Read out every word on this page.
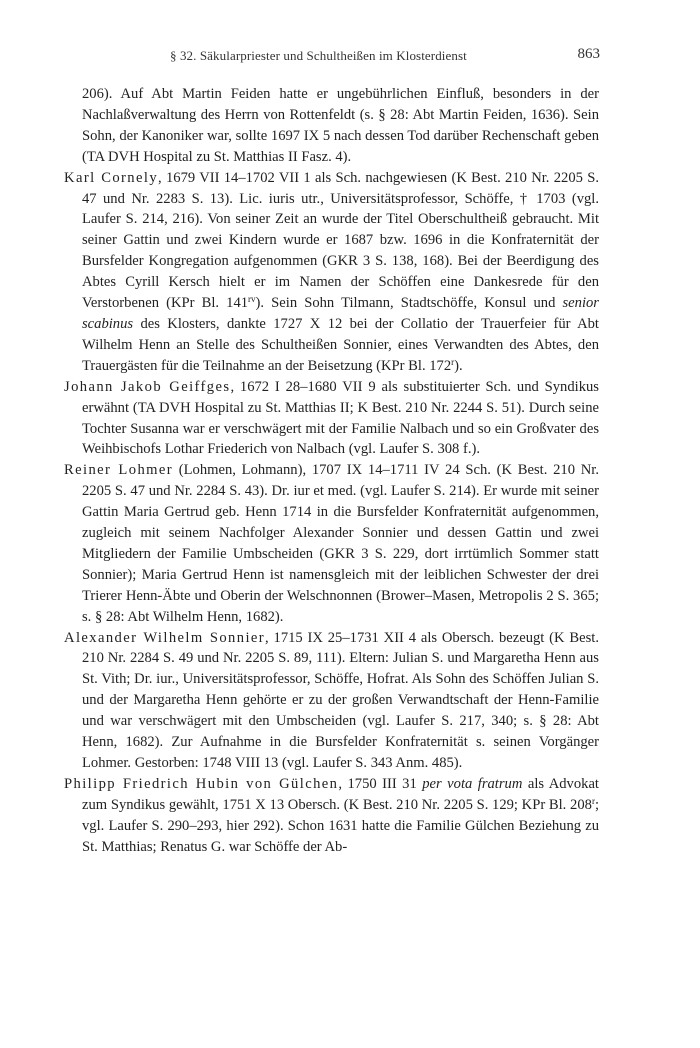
§ 32. Säkularpriester und Schultheißen im Klosterdienst	863

206). Auf Abt Martin Feiden hatte er ungebührlichen Einfluß, besonders in der Nachlaßverwaltung des Herrn von Rottenfeldt (s. § 28: Abt Martin Feiden, 1636). Sein Sohn, der Kanoniker war, sollte 1697 IX 5 nach dessen Tod darüber Rechenschaft geben (TA DVH Hospital zu St. Matthias II Fasz. 4).

Karl Cornely, 1679 VII 14–1702 VII 1 als Sch. nachgewiesen (K Best. 210 Nr. 2205 S. 47 und Nr. 2283 S. 13). Lic. iuris utr., Universitätsprofessor, Schöffe, † 1703 (vgl. Laufer S. 214, 216). Von seiner Zeit an wurde der Titel Oberschultheiß gebraucht. Mit seiner Gattin und zwei Kindern wurde er 1687 bzw. 1696 in die Konfraternität der Bursfelder Kongregation aufgenommen (GKR 3 S. 138, 168). Bei der Beerdigung des Abtes Cyrill Kersch hielt er im Namen der Schöffen eine Dankesrede für den Verstorbenen (KPr Bl. $141^{rv}$). Sein Sohn Tilmann, Stadtschöffe, Konsul und senior scabinus des Klosters, dankte 1727 X 12 bei der Collatio der Trauerfeier für Abt Wilhelm Henn an Stelle des Schultheißen Sonnier, eines Verwandten des Abtes, den Trauergästen für die Teilnahme an der Beisetzung (KPr Bl. 172$^r$).

Johann Jakob Geiffges, 1672 I 28–1680 VII 9 als substituierter Sch. und Syndikus erwähnt (TA DVH Hospital zu St. Matthias II; K Best. 210 Nr. 2244 S. 51). Durch seine Tochter Susanna war er verschwägert mit der Familie Nalbach und so ein Großvater des Weihbischofs Lothar Friederich von Nalbach (vgl. Laufer S. 308 f.).

Reiner Lohmer (Lohmen, Lohmann), 1707 IX 14–1711 IV 24 Sch. (K Best. 210 Nr. 2205 S. 47 und Nr. 2284 S. 43). Dr. iur et med. (vgl. Laufer S. 214). Er wurde mit seiner Gattin Maria Gertrud geb. Henn 1714 in die Bursfelder Konfraternität aufgenommen, zugleich mit seinem Nachfolger Alexander Sonnier und dessen Gattin und zwei Mitgliedern der Familie Umbscheiden (GKR 3 S. 229, dort irrtümlich Sommer statt Sonnier); Maria Gertrud Henn ist namensgleich mit der leiblichen Schwester der drei Trierer Henn-Äbte und Oberin der Welschnonnen (Brower–Masen, Metropolis 2 S. 365; s. § 28: Abt Wilhelm Henn, 1682).

Alexander Wilhelm Sonnier, 1715 IX 25–1731 XII 4 als Obersch. bezeugt (K Best. 210 Nr. 2284 S. 49 und Nr. 2205 S. 89, 111). Eltern: Julian S. und Margaretha Henn aus St. Vith; Dr. iur., Universitätsprofessor, Schöffe, Hofrat. Als Sohn des Schöffen Julian S. und der Margaretha Henn gehörte er zu der großen Verwandtschaft der Henn-Familie und war verschwägert mit den Umbscheiden (vgl. Laufer S. 217, 340; s. § 28: Abt Henn, 1682). Zur Aufnahme in die Bursfelder Konfraternität s. seinen Vorgänger Lohmer. Gestorben: 1748 VIII 13 (vgl. Laufer S. 343 Anm. 485).

Philipp Friedrich Hubin von Gülchen, 1750 III 31 per vota fratrum als Advokat zum Syndikus gewählt, 1751 X 13 Obersch. (K Best. 210 Nr. 2205 S. 129; KPr Bl. 208$^r$; vgl. Laufer S. 290–293, hier 292). Schon 1631 hatte die Familie Gülchen Beziehung zu St. Matthias; Renatus G. war Schöffe der Ab-
